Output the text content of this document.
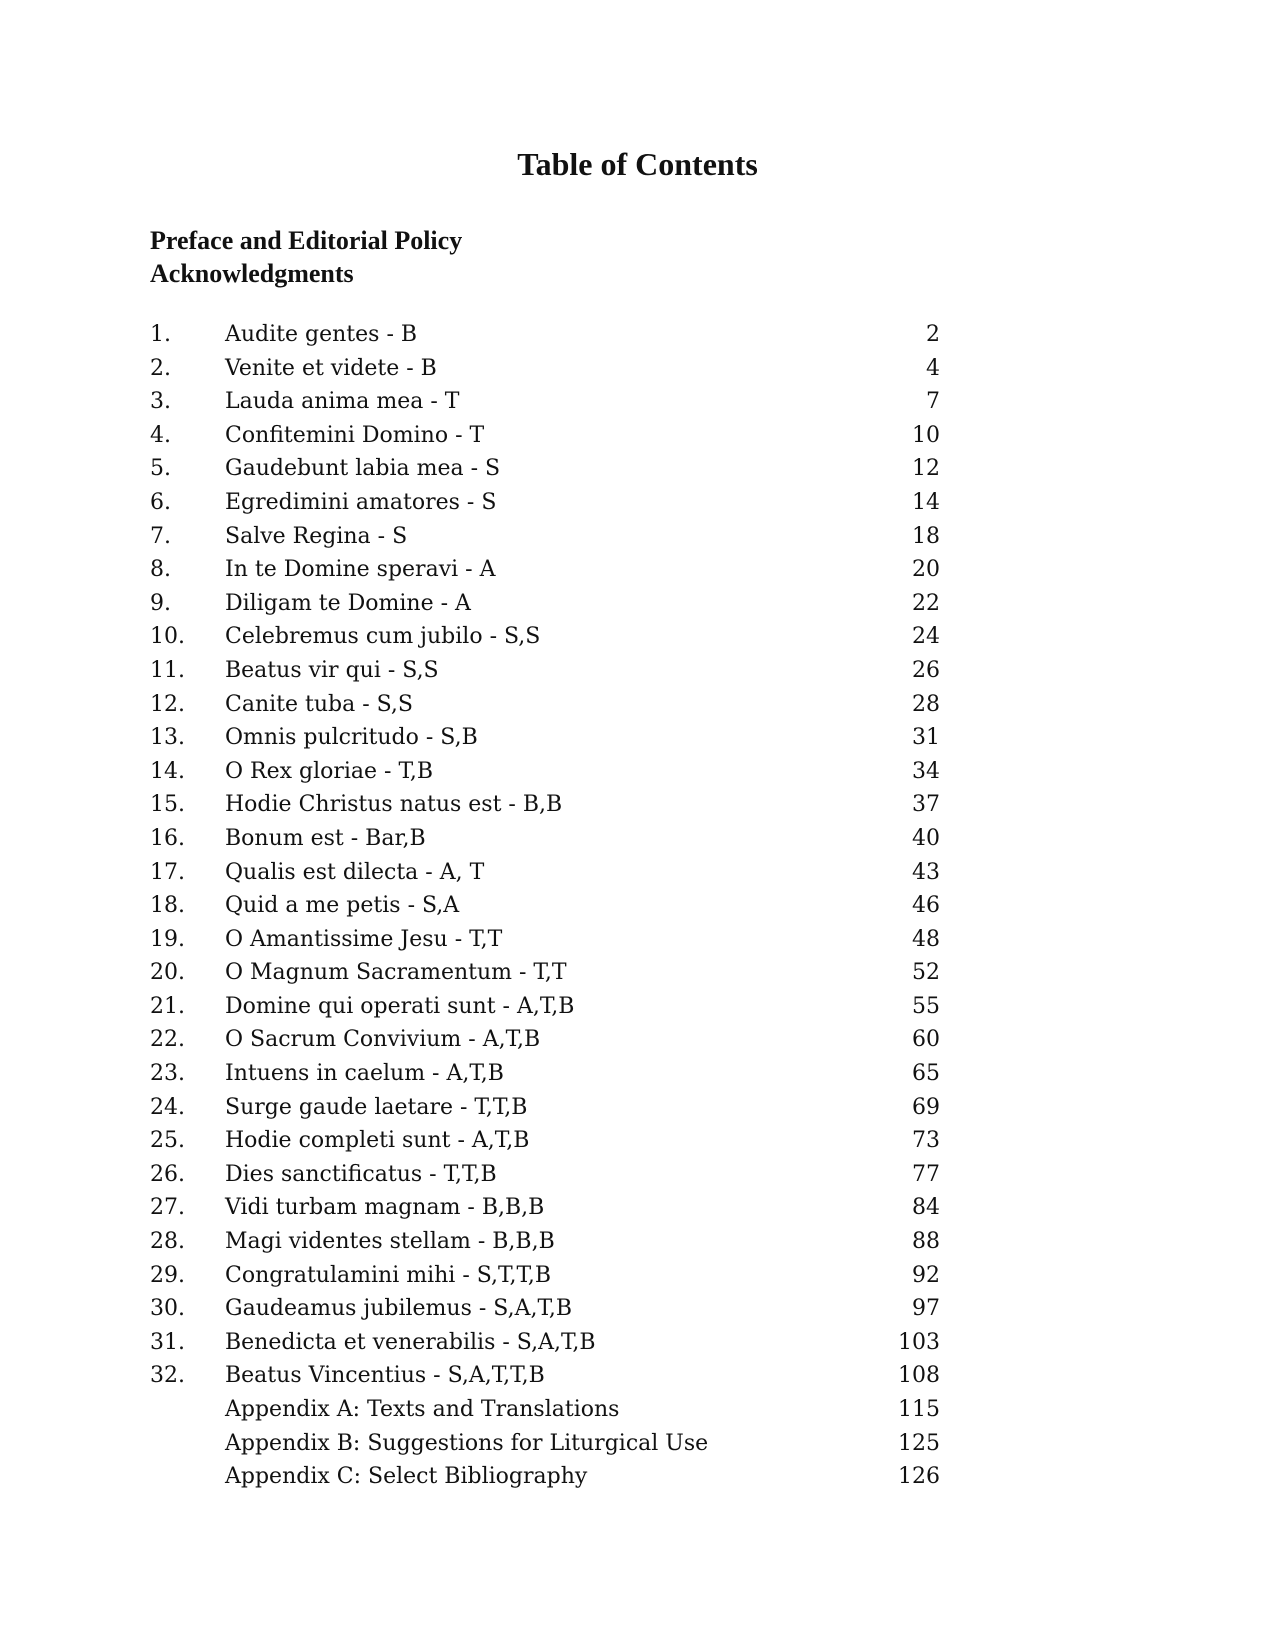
Table of Contents
Preface and Editorial Policy
Acknowledgments
1. Audite gentes - B	2
2. Venite et videte - B	4
3. Lauda anima mea - T	7
4. Confitemini Domino - T	10
5. Gaudebunt labia mea - S	12
6. Egredimini amatores - S	14
7. Salve Regina - S	18
8. In te Domine speravi - A	20
9. Diligam te Domine - A	22
10. Celebremus cum jubilo - S,S	24
11. Beatus vir qui - S,S	26
12. Canite tuba - S,S	28
13. Omnis pulcritudo - S,B	31
14. O Rex gloriae - T,B	34
15. Hodie Christus natus est - B,B	37
16. Bonum est - Bar,B	40
17. Qualis est dilecta - A, T	43
18. Quid a me petis - S,A	46
19. O Amantissime Jesu - T,T	48
20. O Magnum Sacramentum - T,T	52
21. Domine qui operati sunt - A,T,B	55
22. O Sacrum Convivium - A,T,B	60
23. Intuens in caelum - A,T,B	65
24. Surge gaude laetare - T,T,B	69
25. Hodie completi sunt - A,T,B	73
26. Dies sanctificatus - T,T,B	77
27. Vidi turbam magnam - B,B,B	84
28. Magi videntes stellam - B,B,B	88
29. Congratulamini mihi - S,T,T,B	92
30. Gaudeamus jubilemus - S,A,T,B	97
31. Benedicta et venerabilis - S,A,T,B	103
32. Beatus Vincentius - S,A,T,T,B	108
Appendix A: Texts and Translations	115
Appendix B: Suggestions for Liturgical Use	125
Appendix C: Select Bibliography	126
